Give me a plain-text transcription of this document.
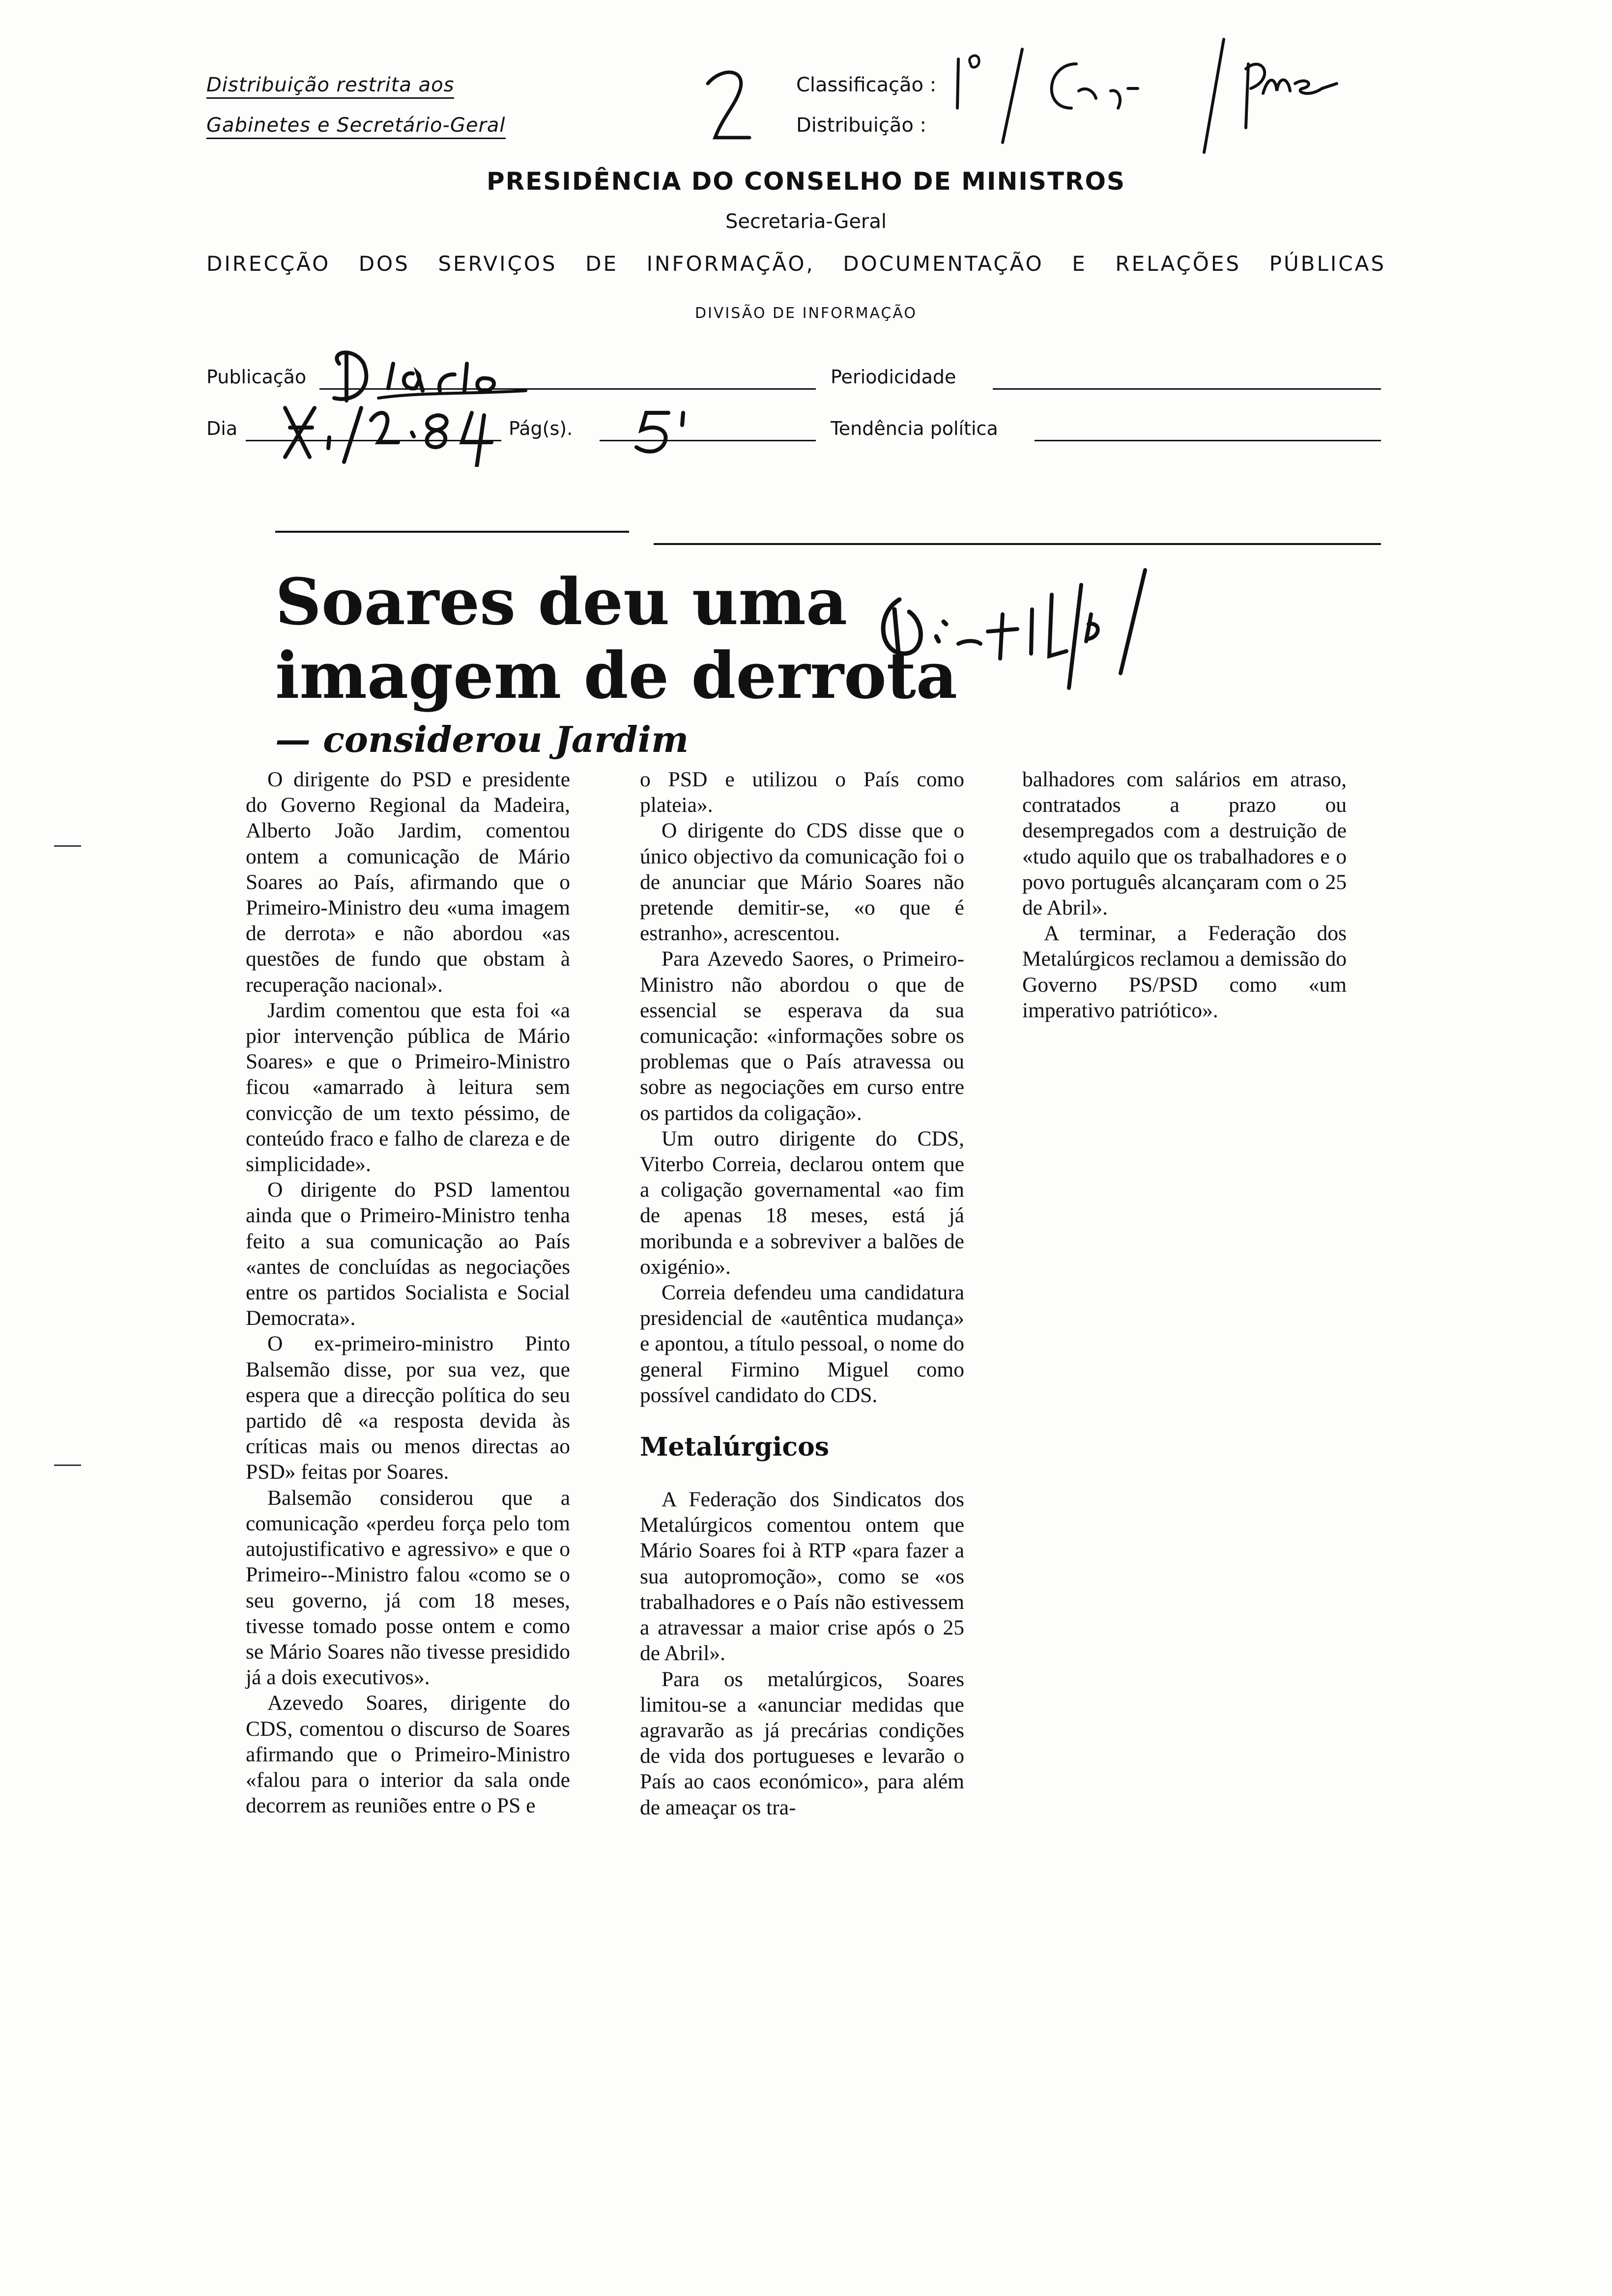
Distribuição restrita aos
Gabinetes e Secretário-Geral
Classificação :
Distribuição :
PRESIDÊNCIA DO CONSELHO DE MINISTROS
Secretaria-Geral
DIRECÇÃO DOS SERVIÇOS DE INFORMAÇÃO, DOCUMENTAÇÃO E RELAÇÕES PÚBLICAS
DIVISÃO DE INFORMAÇÃO
Publicação	Periodicidade
Dia	Pág(s).	Tendência política
Soares deu uma imagem de derrota
— considerou Jardim

O dirigente do PSD e presidente do Governo Regional da Madeira, Alberto João Jardim, comentou ontem a comunicação de Mário Soares ao País, afirmando que o Primeiro-Ministro deu «uma imagem de derrota» e não abordou «as questões de fundo que obstam à recuperação nacional».

Jardim comentou que esta foi «a pior intervenção pública de Mário Soares» e que o Primeiro-Ministro ficou «amarrado à leitura sem convicção de um texto péssimo, de conteúdo fraco e falho de clareza e de simplicidade».

O dirigente do PSD lamentou ainda que o Primeiro-Ministro tenha feito a sua comunicação ao País «antes de concluídas as negociações entre os partidos Socialista e Social Democrata».

O ex-primeiro-ministro Pinto Balsemão disse, por sua vez, que espera que a direcção política do seu partido dê «a resposta devida às críticas mais ou menos directas ao PSD» feitas por Soares.

Balsemão considerou que a comunicação «perdeu força pelo tom autojustificativo e agressivo» e que o Primeiro--Ministro falou «como se o seu governo, já com 18 meses, tivesse tomado posse ontem e como se Mário Soares não tivesse presidido já a dois executivos».

Azevedo Soares, dirigente do CDS, comentou o discurso de Soares afirmando que o Primeiro-Ministro «falou para o interior da sala onde decorrem as reuniões entre o PS e

o PSD e utilizou o País como plateia».

O dirigente do CDS disse que o único objectivo da comunicação foi o de anunciar que Mário Soares não pretende demitir-se, «o que é estranho», acrescentou.

Para Azevedo Saores, o Primeiro-Ministro não abordou o que de essencial se esperava da sua comunicação: «informações sobre os problemas que o País atravessa ou sobre as negociações em curso entre os partidos da coligação».

Um outro dirigente do CDS, Viterbo Correia, declarou ontem que a coligação governamental «ao fim de apenas 18 meses, está já moribunda e a sobreviver a balões de oxigénio».

Correia defendeu uma candidatura presidencial de «autêntica mudança» e apontou, a título pessoal, o nome do general Firmino Miguel como possível candidato do CDS.

Metalúrgicos

A Federação dos Sindicatos dos Metalúrgicos comentou ontem que Mário Soares foi à RTP «para fazer a sua autopromoção», como se «os trabalhadores e o País não estivessem a atravessar a maior crise após o 25 de Abril».

Para os metalúrgicos, Soares limitou-se a «anunciar medidas que agravarão as já precárias condições de vida dos portugueses e levarão o País ao caos económico», para além de ameaçar os tra-

balhadores com salários em atraso, contratados a prazo ou desempregados com a destruição de «tudo aquilo que os trabalhadores e o povo português alcançaram com o 25 de Abril».

A terminar, a Federação dos Metalúrgicos reclamou a demissão do Governo PS/PSD como «um imperativo patriótico».
